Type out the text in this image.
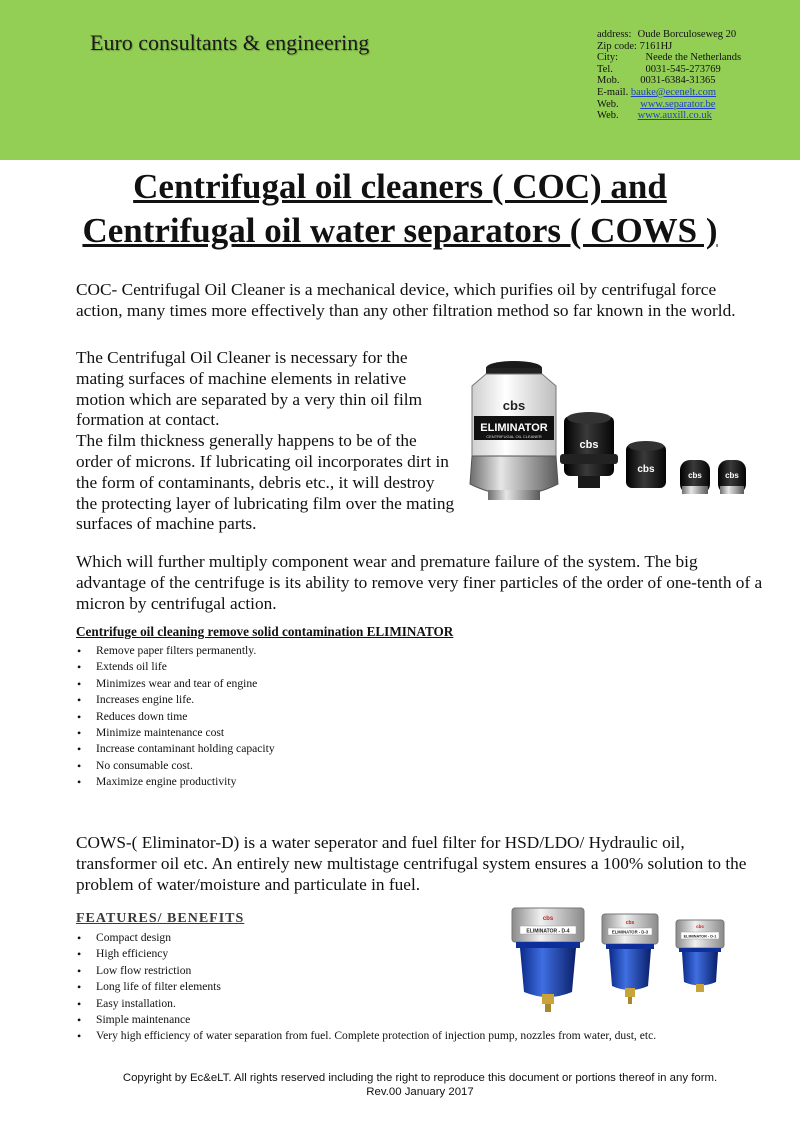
Euro consultants & engineering	address: Oude Borculoseweg 20
Zip code: 7161HJ
City:	Neede the Netherlands
Tel.	0031-545-273769
Mob. 0031-6384-31365
E-mail. bauke@ecenelt.com
Web. www.separator.be
Web. www.auxill.co.uk
Centrifugal oil cleaners ( COC) and
Centrifugal oil water separators ( COWS )
COC- Centrifugal Oil Cleaner is a mechanical device, which purifies oil by centrifugal force action, many times more effectively than any other filtration method so far known in the world.
The Centrifugal Oil Cleaner is necessary for the mating surfaces of machine elements in relative motion which are separated by a very thin oil film formation at contact.
The film thickness generally happens to be of the order of microns. If lubricating oil incorporates dirt in the form of contaminants, debris etc., it will destroy the protecting layer of lubricating film over the mating surfaces of machine parts.
cbs
ELIMINATOR
CENTRIFUGAL OIL CLEANER
cbs
cbs
cbs	cbs
Which will further multiply component wear and premature failure of the system. The big advantage of the centrifuge is its ability to remove very finer particles of the order of one-tenth of a micron by centrifugal action.
Centrifuge oil cleaning remove solid contamination ELIMINATOR
• Remove paper filters permanently.
• Extends oil life
• Minimizes wear and tear of engine
• Increases engine life.
• Reduces down time
• Minimize maintenance cost
• Increase contaminant holding capacity
• No consumable cost.
• Maximize engine productivity
COWS-( Eliminator-D) is a water seperator and fuel filter for HSD/LDO/ Hydraulic oil, transformer oil etc. An entirely new multistage centrifugal system ensures a 100% solution to the problem of water/moisture and particulate in fuel.
FEATURES/ BENEFITS
• Compact design
• High efficiency
• Low flow restriction
• Long life of filter elements
• Easy installation.
• Simple maintenance
• Very high efficiency of water separation from fuel. Complete protection of injection pump, nozzles from water, dust, etc.
cbs
ELIMINATOR - D-4
cbs
ELIMINATOR - D-3
cbs
ELIMINATOR - D-1
Copyright by Ec&eLT. All rights reserved including the right to reproduce this document or portions thereof in any form.
Rev.00 January 2017
